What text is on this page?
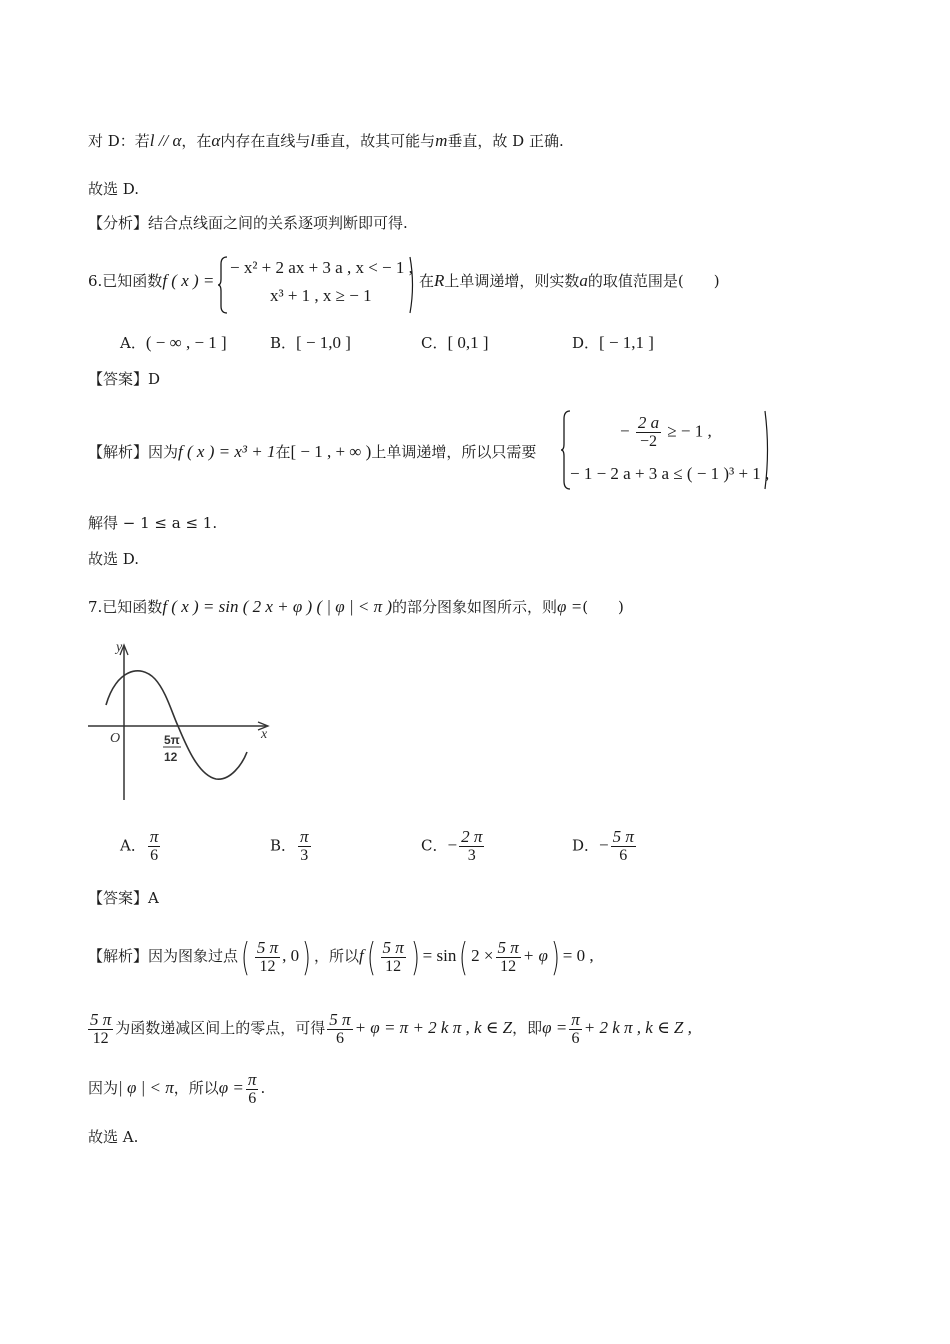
对 D：若l // α，在α内存在直线与l垂直，故其可能与m垂直，故 D 正确.
故选 D.
【分析】结合点线面之间的关系逐项判断即可得.
6.已知函数f ( x ) =
− x² + 2 ax + 3 a , x < − 1 ,
x³ + 1 , x ≥ − 1
在R上单调递增，则实数a的取值范围是(　　)
A．( − ∞ , − 1 ]	B．[ − 1,0 ]	C．[ 0,1 ]	D．[ − 1,1 ]
【答案】D
【解析】因为f ( x ) = x³ + 1在[ − 1 , + ∞ )上单调递增，所以只需要
− $\frac{2 a}{-2}$ ≥ − 1 ,
− 1 − 2 a + 3 a ≤ ( − 1 )³ + 1 ,
解得 − 1 ≤ a ≤ 1.
故选 D.
7.已知函数f ( x ) = sin ( 2 x + φ ) ( | φ | < π )的部分图象如图所示，则φ =(　　)
y
x
O	5π
12
A． $\frac{\pi}{6}$	B． $\frac{\pi}{3}$	C．− $\frac{2 \pi}{3}$	D．− $\frac{5 \pi}{6}$
【答案】A
【解析】因为图象过点( $\frac{5 \pi}{12}$ , 0) ，所以$f( \frac{5 \pi}{12}$ ) = sin( $2 \times \frac{5 \pi}{12} + \varphi) = 0$ ,
$\frac{5 \pi}{12}$ 为函数递减区间上的零点，可得 $\frac{5 \pi}{6} + \varphi = \pi + 2$ k π , k ∈ Z，即$\varphi = \frac{\pi}{6} + 2$ k π , k ∈ Z ,
因为| φ | < π，所以$\varphi = \frac{\pi}{6}$ .
故选 A.
